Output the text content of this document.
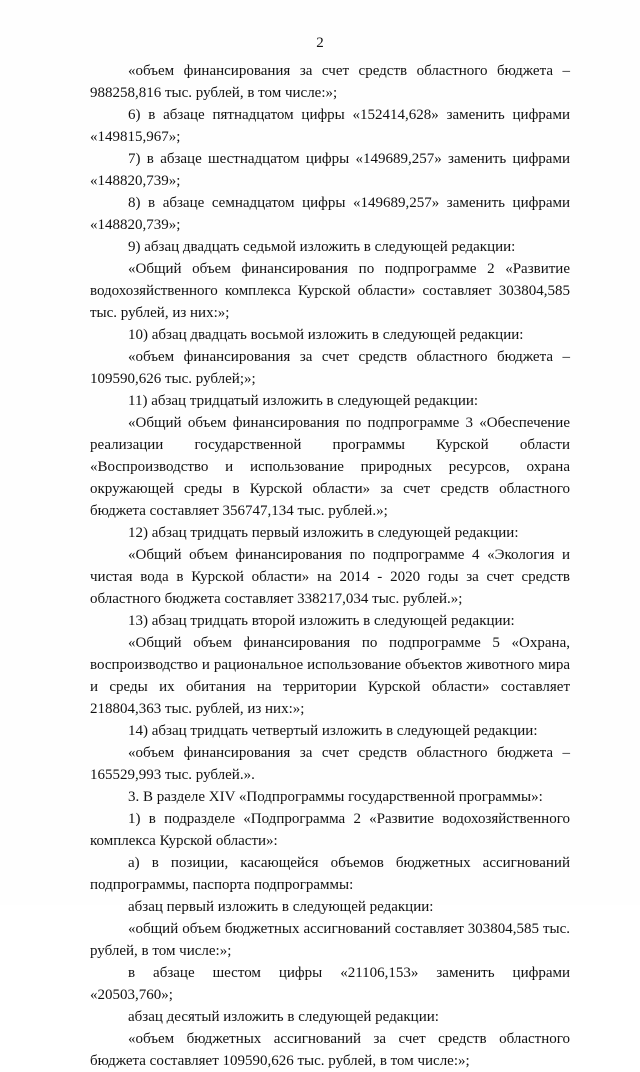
2

«объем финансирования за счет средств областного бюджета – 988258,816 тыс. рублей, в том числе:»;

6) в абзаце пятнадцатом цифры «152414,628» заменить цифрами «149815,967»;

7) в абзаце шестнадцатом цифры «149689,257» заменить цифрами «148820,739»;

8) в абзаце семнадцатом цифры «149689,257» заменить цифрами «148820,739»;

9) абзац двадцать седьмой изложить в следующей редакции:

«Общий объем финансирования по подпрограмме 2 «Развитие водохозяйственного комплекса Курской области» составляет 303804,585 тыс. рублей, из них:»;

10) абзац двадцать восьмой изложить в следующей редакции:

«объем финансирования за счет средств областного бюджета – 109590,626 тыс. рублей;»;

11) абзац тридцатый изложить в следующей редакции:

«Общий объем финансирования по подпрограмме 3 «Обеспечение реализации государственной программы Курской области «Воспроизводство и использование природных ресурсов, охрана окружающей среды в Курской области» за счет средств областного бюджета составляет 356747,134 тыс. рублей.»;

12) абзац тридцать первый изложить в следующей редакции:

«Общий объем финансирования по подпрограмме 4 «Экология и чистая вода в Курской области» на 2014 - 2020 годы за счет средств областного бюджета составляет 338217,034 тыс. рублей.»;

13) абзац тридцать второй изложить в следующей редакции:

«Общий объем финансирования по подпрограмме 5 «Охрана, воспроизводство и рациональное использование объектов животного мира и среды их обитания на территории Курской области» составляет 218804,363 тыс. рублей, из них:»;

14) абзац тридцать четвертый изложить в следующей редакции:

«объем финансирования за счет средств областного бюджета – 165529,993 тыс. рублей.».

3. В разделе XIV «Подпрограммы государственной программы»:

1) в подразделе «Подпрограмма 2 «Развитие водохозяйственного комплекса Курской области»:

а) в позиции, касающейся объемов бюджетных ассигнований подпрограммы, паспорта подпрограммы:

абзац первый изложить в следующей редакции:

«общий объем бюджетных ассигнований составляет 303804,585 тыс. рублей, в том числе:»;

в абзаце шестом цифры «21106,153» заменить цифрами «20503,760»;

абзац десятый изложить в следующей редакции:

«объем бюджетных ассигнований за счет средств областного бюджета составляет 109590,626 тыс. рублей, в том числе:»;
